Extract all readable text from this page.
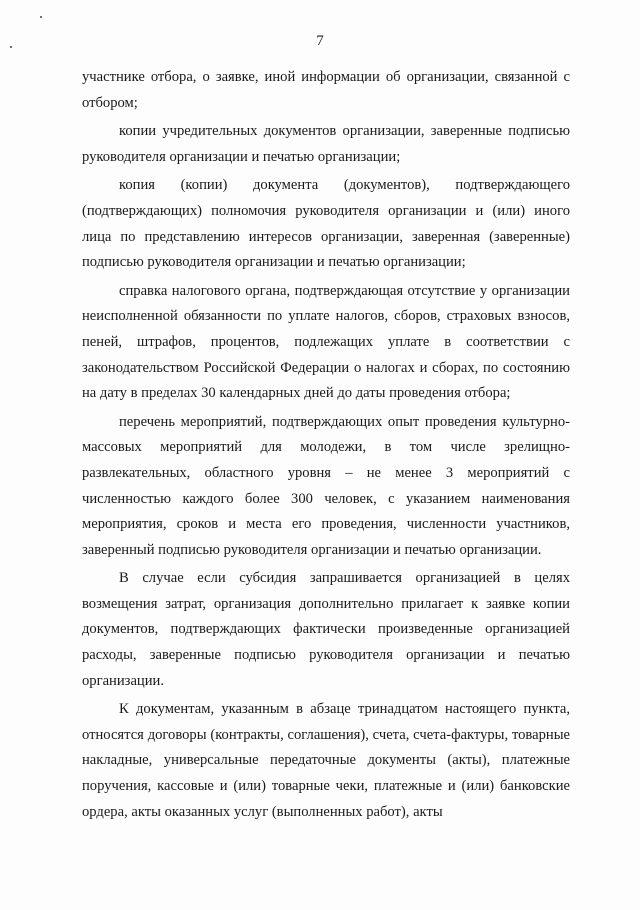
7

участнике отбора, о заявке, иной информации об организации, связанной с отбором;

копии учредительных документов организации, заверенные подписью руководителя организации и печатью организации;

копия (копии) документа (документов), подтверждающего (подтверждающих) полномочия руководителя организации и (или) иного лица по представлению интересов организации, заверенная (заверенные) подписью руководителя организации и печатью организации;

справка налогового органа, подтверждающая отсутствие у организации неисполненной обязанности по уплате налогов, сборов, страховых взносов, пеней, штрафов, процентов, подлежащих уплате в соответствии с законодательством Российской Федерации о налогах и сборах, по состоянию на дату в пределах 30 календарных дней до даты проведения отбора;

перечень мероприятий, подтверждающих опыт проведения культурно-массовых мероприятий для молодежи, в том числе зрелищно-развлекательных, областного уровня – не менее 3 мероприятий с численностью каждого более 300 человек, с указанием наименования мероприятия, сроков и места его проведения, численности участников, заверенный подписью руководителя организации и печатью организации.

В случае если субсидия запрашивается организацией в целях возмещения затрат, организация дополнительно прилагает к заявке копии документов, подтверждающих фактически произведенные организацией расходы, заверенные подписью руководителя организации и печатью организации.

К документам, указанным в абзаце тринадцатом настоящего пункта, относятся договоры (контракты, соглашения), счета, счета-фактуры, товарные накладные, универсальные передаточные документы (акты), платежные поручения, кассовые и (или) товарные чеки, платежные и (или) банковские ордера, акты оказанных услуг (выполненных работ), акты
